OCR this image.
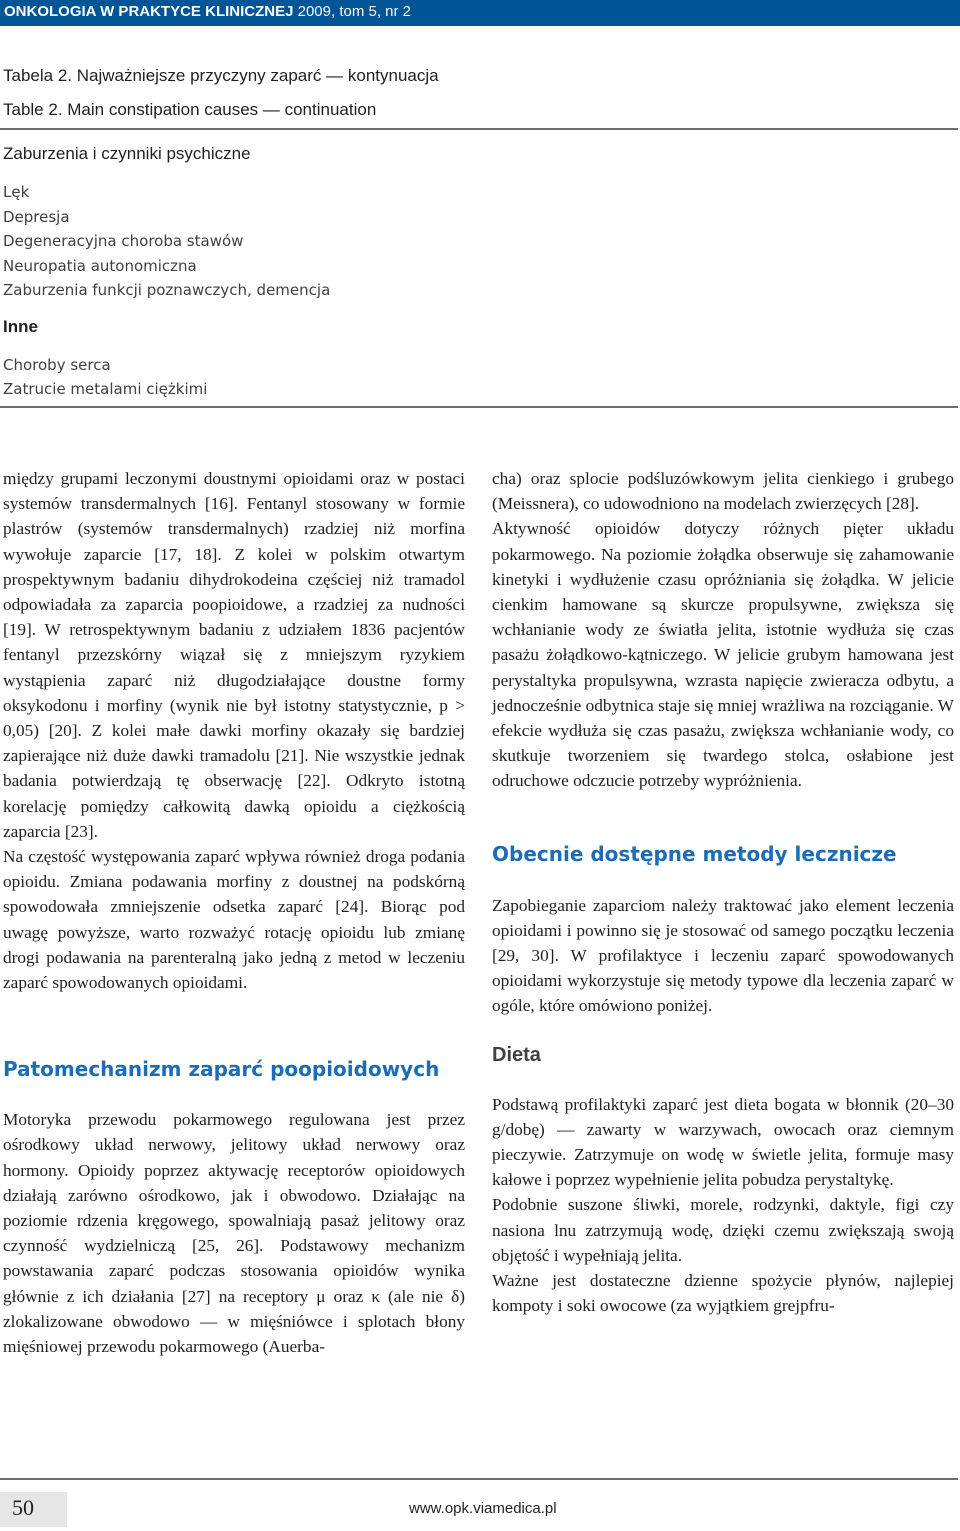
ONKOLOGIA W PRAKTYCE KLINICZNEJ 2009, tom 5, nr 2
Tabela 2. Najważniejsze przyczyny zaparć — kontynuacja
Table 2. Main constipation causes — continuation
Zaburzenia i czynniki psychiczne
Lęk
Depresja
Degeneracyjna choroba stawów
Neuropatia autonomiczna
Zaburzenia funkcji poznawczych, demencja
Inne
Choroby serca
Zatrucie metalami ciężkimi

między grupami leczonymi doustnymi opioidami oraz w postaci systemów transdermalnych [16]. Fentanyl stosowany w formie plastrów (systemów transdermalnych) rzadziej niż morfina wywołuje zaparcie [17, 18]. Z kolei w polskim otwartym prospektywnym badaniu dihydrokodeina częściej niż tramadol odpowiadała za zaparcia poopioidowe, a rzadziej za nudności [19]. W retrospektywnym badaniu z udziałem 1836 pacjentów fentanyl przezskórny wiązał się z mniejszym ryzykiem wystąpienia zaparć niż długodziałające doustne formy oksykodonu i morfiny (wynik nie był istotny statystycznie, p > 0,05) [20]. Z kolei małe dawki morfiny okazały się bardziej zapierające niż duże dawki tramadolu [21]. Nie wszystkie jednak badania potwierdzają tę obserwację [22]. Odkryto istotną korelację pomiędzy całkowitą dawką opioidu a ciężkością zaparcia [23].

Na częstość występowania zaparć wpływa również droga podania opioidu. Zmiana podawania morfiny z doustnej na podskórną spowodowała zmniejszenie odsetka zaparć [24]. Biorąc pod uwagę powyższe, warto rozważyć rotację opioidu lub zmianę drogi podawania na parenteralną jako jedną z metod w leczeniu zaparć spowodowanych opioidami.

Patomechanizm zaparć poopioidowych

Motoryka przewodu pokarmowego regulowana jest przez ośrodkowy układ nerwowy, jelitowy układ nerwowy oraz hormony. Opioidy poprzez aktywację receptorów opioidowych działają zarówno ośrodkowo, jak i obwodowo. Działając na poziomie rdzenia kręgowego, spowalniają pasaż jelitowy oraz czynność wydzielniczą [25, 26]. Podstawowy mechanizm powstawania zaparć podczas stosowania opioidów wynika głównie z ich działania [27] na receptory μ oraz κ (ale nie δ) zlokalizowane obwodowo — w mięśniówce i splotach błony mięśniowej przewodu pokarmowego (Auerba-

cha) oraz splocie podśluzówkowym jelita cienkiego i grubego (Meissnera), co udowodniono na modelach zwierzęcych [28].

Aktywność opioidów dotyczy różnych pięter układu pokarmowego. Na poziomie żołądka obserwuje się zahamowanie kinetyki i wydłużenie czasu opróżniania się żołądka. W jelicie cienkim hamowane są skurcze propulsywne, zwiększa się wchłanianie wody ze światła jelita, istotnie wydłuża się czas pasażu żołądkowo-kątniczego. W jelicie grubym hamowana jest perystaltyka propulsywna, wzrasta napięcie zwieracza odbytu, a jednocześnie odbytnica staje się mniej wrażliwa na rozciąganie. W efekcie wydłuża się czas pasażu, zwiększa wchłanianie wody, co skutkuje tworzeniem się twardego stolca, osłabione jest odruchowe odczucie potrzeby wypróżnienia.

Obecnie dostępne metody lecznicze

Zapobieganie zaparciom należy traktować jako element leczenia opioidami i powinno się je stosować od samego początku leczenia [29, 30]. W profilaktyce i leczeniu zaparć spowodowanych opioidami wykorzystuje się metody typowe dla leczenia zaparć w ogóle, które omówiono poniżej.

Dieta

Podstawą profilaktyki zaparć jest dieta bogata w błonnik (20–30 g/dobę) — zawarty w warzywach, owocach oraz ciemnym pieczywie. Zatrzymuje on wodę w świetle jelita, formuje masy kałowe i poprzez wypełnienie jelita pobudza perystaltykę.

Podobnie suszone śliwki, morele, rodzynki, daktyle, figi czy nasiona lnu zatrzymują wodę, dzięki czemu zwiększają swoją objętość i wypełniają jelita.

Ważne jest dostateczne dzienne spożycie płynów, najlepiej kompoty i soki owocowe (za wyjątkiem grejpfru-

50	www.opk.viamedica.pl
